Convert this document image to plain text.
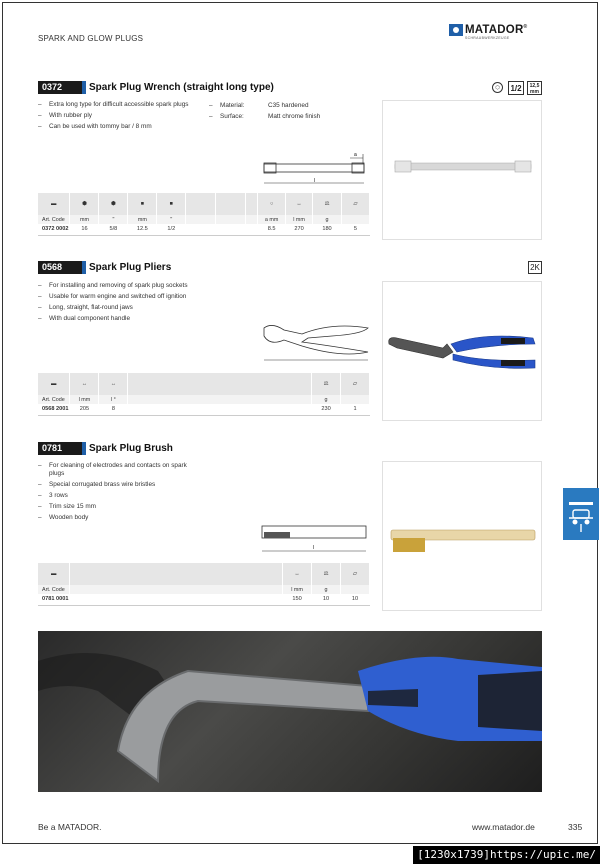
SPARK AND GLOW PLUGS
MATADOR®
SCHRAUBWERKZEUGE
0372	Spark Plug Wrench (straight long type)	⬡	1/2	12,5 mm
– Extra long type for difficult accessible spark plugs
– With rubber ply
– Can be used with tommy bar / 8 mm
– Material:	C35 hardened
– Surface:	Matt chrome finish
a
l
▬	⬢	⬢	■	■				○	↔	⚖	▱
Art. Code	mm	"	mm	"				a mm	l mm	g	
0372 0002	16	5/8	12.5	1/2				8.5	270	180	5
0568	Spark Plug Pliers	2K
– For installing and removing of spark plug sockets
– Usable for warm engine and switched off ignition
– Long, straight, flat-round jaws
– With dual component handle
▬	↔	↔		⚖	▱
Art. Code	l mm	l °		g	
0568 2001	205	8		230	1
0781	Spark Plug Brush
– For cleaning of electrodes and contacts on spark plugs
– Special corrugated brass wire bristles
– 3 rows
– Trim size 15 mm
– Wooden body
l
▬		↔	⚖	▱
Art. Code		l mm	g	
0781 0001		150	10	10
Be a MATADOR.	www.matador.de	335
[1230x1739]https://upic.me/
